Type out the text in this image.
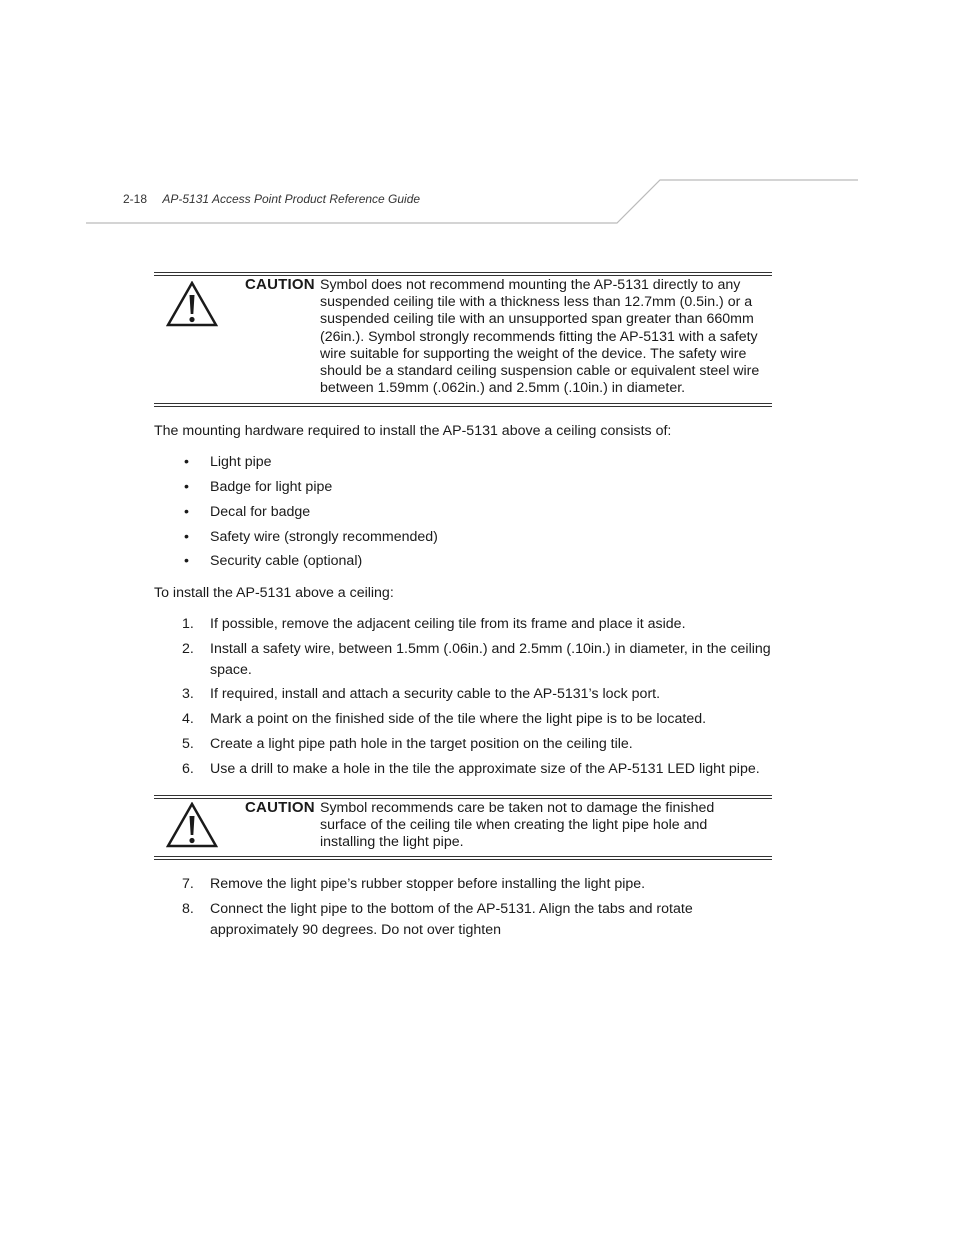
2-18 AP-5131 Access Point Product Reference Guide
CAUTION Symbol does not recommend mounting the AP-5131 directly to any suspended ceiling tile with a thickness less than 12.7mm (0.5in.) or a suspended ceiling tile with an unsupported span greater than 660mm (26in.). Symbol strongly recommends fitting the AP-5131 with a safety wire suitable for supporting the weight of the device. The safety wire should be a standard ceiling suspension cable or equivalent steel wire between 1.59mm (.062in.) and 2.5mm (.10in.) in diameter.
The mounting hardware required to install the AP-5131 above a ceiling consists of:
•	Light pipe
•	Badge for light pipe
•	Decal for badge
•	Safety wire (strongly recommended)
•	Security cable (optional)
To install the AP-5131 above a ceiling:
1.	If possible, remove the adjacent ceiling tile from its frame and place it aside.
2.	Install a safety wire, between 1.5mm (.06in.) and 2.5mm (.10in.) in diameter, in the ceiling space.
3.	If required, install and attach a security cable to the AP-5131’s lock port.
4.	Mark a point on the finished side of the tile where the light pipe is to be located.
5.	Create a light pipe path hole in the target position on the ceiling tile.
6.	Use a drill to make a hole in the tile the approximate size of the AP-5131 LED light pipe.
CAUTION Symbol recommends care be taken not to damage the finished surface of the ceiling tile when creating the light pipe hole and installing the light pipe.
7.	Remove the light pipe’s rubber stopper before installing the light pipe.
8.	Connect the light pipe to the bottom of the AP-5131. Align the tabs and rotate approximately 90 degrees. Do not over tighten
